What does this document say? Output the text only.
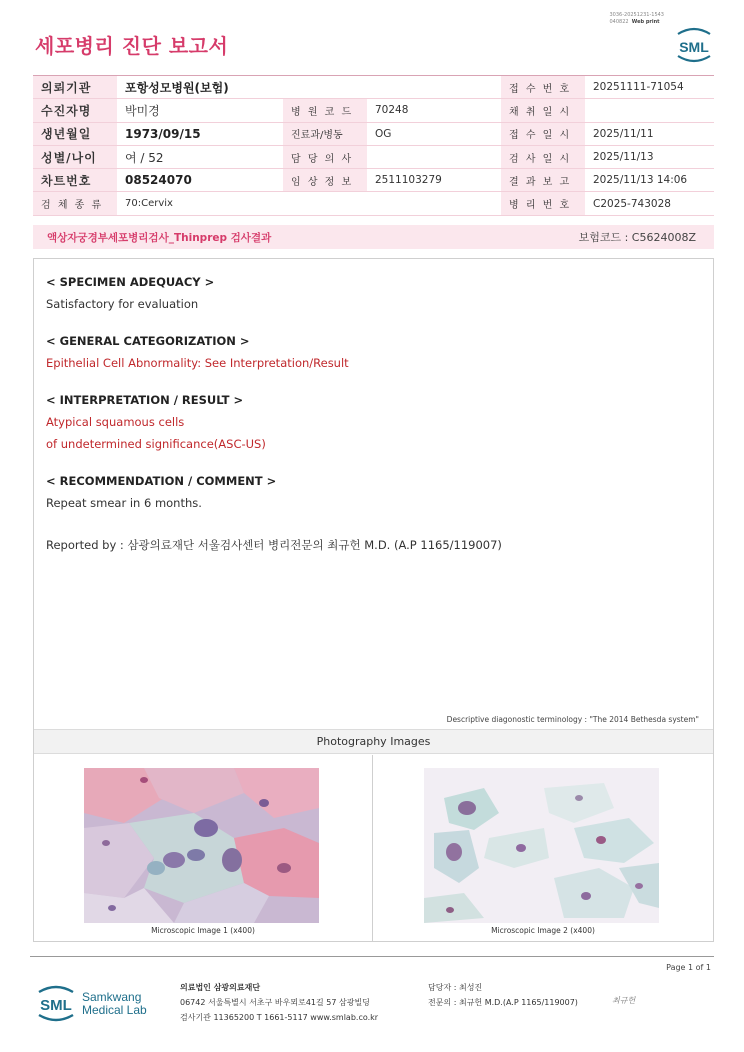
3036-20251231-1543
040822 Web print
세포병리 진단 보고서	SML
의뢰기관	포항성모병원(보험)			접 수 번 호	20251111-71054
수진자명	박미경	병 원 코 드	70248	채 취 일 시	
생년월일	1973/09/15	진료과/병동	OG	접 수 일 시	2025/11/11
성별/나이	여 / 52	담 당 의 사		검 사 일 시	2025/11/13
차트번호	08524070	임 상 정 보	2511103279	결 과 보 고	2025/11/13 14:06
검 체 종 류	70:Cervix			병 리 번 호	C2025-743028
액상자궁경부세포병리검사_Thinprep 검사결과	보험코드 : C5624008Z
< SPECIMEN ADEQUACY >
Satisfactory for evaluation
< GENERAL CATEGORIZATION >
Epithelial Cell Abnormality: See Interpretation/Result
< INTERPRETATION / RESULT >
Atypical squamous cells
of undetermined significance(ASC-US)
< RECOMMENDATION / COMMENT >
Repeat smear in 6 months.
Reported by : 삼광의료재단 서울검사센터 병리전문의 최규헌 M.D. (A.P 1165/119007)
Descriptive diagonostic terminology : "The 2014 Bethesda system"
Photography Images
Microscopic Image 1 (x400)	Microscopic Image 2 (x400)
Page 1 of 1
SML Samkwang
Medical Lab
의료법인 삼광의료재단
06742 서울특별시 서초구 바우뫼로41길 57 삼광빌딩
검사기관 11365200 T 1661-5117 www.smlab.co.kr
담당자 : 최성진
전문의 : 최규헌 M.D.(A.P 1165/119007)	최규헌
